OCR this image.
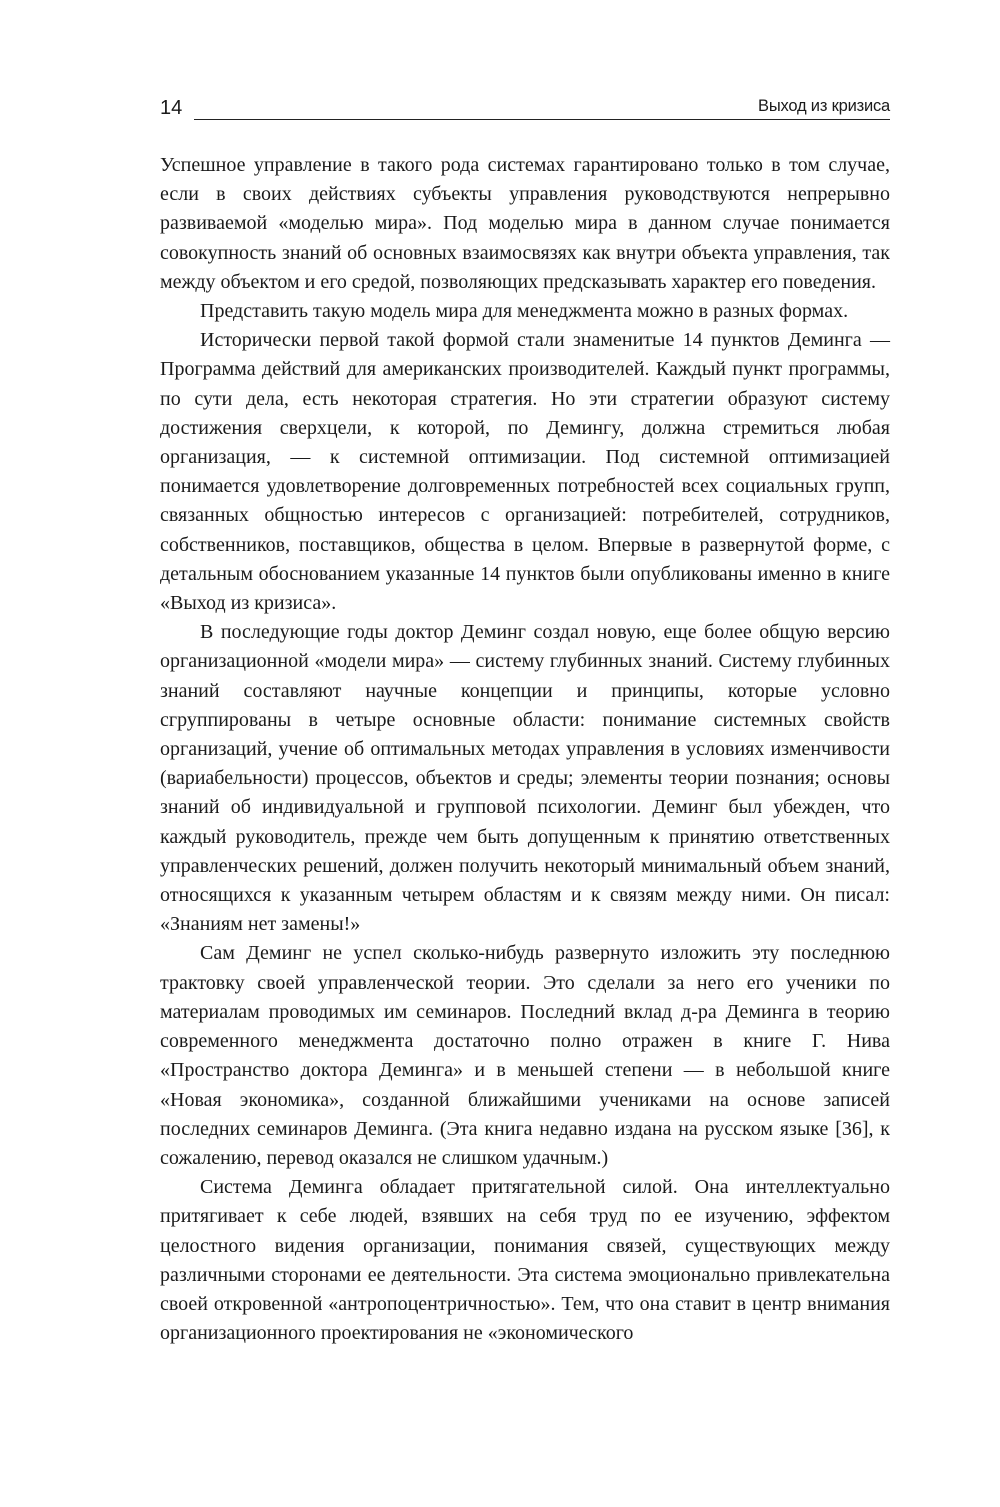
14	Выход из кризиса

Успешное управление в такого рода системах гарантировано только в том случае, если в своих действиях субъекты управления руководствуются непрерывно развиваемой «моделью мира». Под моделью мира в данном случае понимается совокупность знаний об основных взаимосвязях как внутри объекта управления, так между объектом и его средой, позволяющих предсказывать характер его поведения.

Представить такую модель мира для менеджмента можно в разных формах.

Исторически первой такой формой стали знаменитые 14 пунктов Деминга — Программа действий для американских производителей. Каждый пункт программы, по сути дела, есть некоторая стратегия. Но эти стратегии образуют систему достижения сверхцели, к которой, по Демингу, должна стремиться любая организация, — к системной оптимизации. Под системной оптимизацией понимается удовлетворение долговременных потребностей всех социальных групп, связанных общностью интересов с организацией: потребителей, сотрудников, собственников, поставщиков, общества в целом. Впервые в развернутой форме, с детальным обоснованием указанные 14 пунктов были опубликованы именно в книге «Выход из кризиса».

В последующие годы доктор Деминг создал новую, еще более общую версию организационной «модели мира» — систему глубинных знаний. Систему глубинных знаний составляют научные концепции и принципы, которые условно сгруппированы в четыре основные области: понимание системных свойств организаций, учение об оптимальных методах управления в условиях изменчивости (вариабельности) процессов, объектов и среды; элементы теории познания; основы знаний об индивидуальной и групповой психологии. Деминг был убежден, что каждый руководитель, прежде чем быть допущенным к принятию ответственных управленческих решений, должен получить некоторый минимальный объем знаний, относящихся к указанным четырем областям и к связям между ними. Он писал: «Знаниям нет замены!»

Сам Деминг не успел сколько-нибудь развернуто изложить эту последнюю трактовку своей управленческой теории. Это сделали за него его ученики по материалам проводимых им семинаров. Последний вклад д-ра Деминга в теорию современного менеджмента достаточно полно отражен в книге Г. Нива «Пространство доктора Деминга» и в меньшей степени — в небольшой книге «Новая экономика», созданной ближайшими учениками на основе записей последних семинаров Деминга. (Эта книга недавно издана на русском языке [36], к сожалению, перевод оказался не слишком удачным.)

Система Деминга обладает притягательной силой. Она интеллектуально притягивает к себе людей, взявших на себя труд по ее изучению, эффектом целостного видения организации, понимания связей, существующих между различными сторонами ее деятельности. Эта система эмоционально привлекательна своей откровенной «антропоцентричностью». Тем, что она ставит в центр внимания организационного проектирования не «экономического
